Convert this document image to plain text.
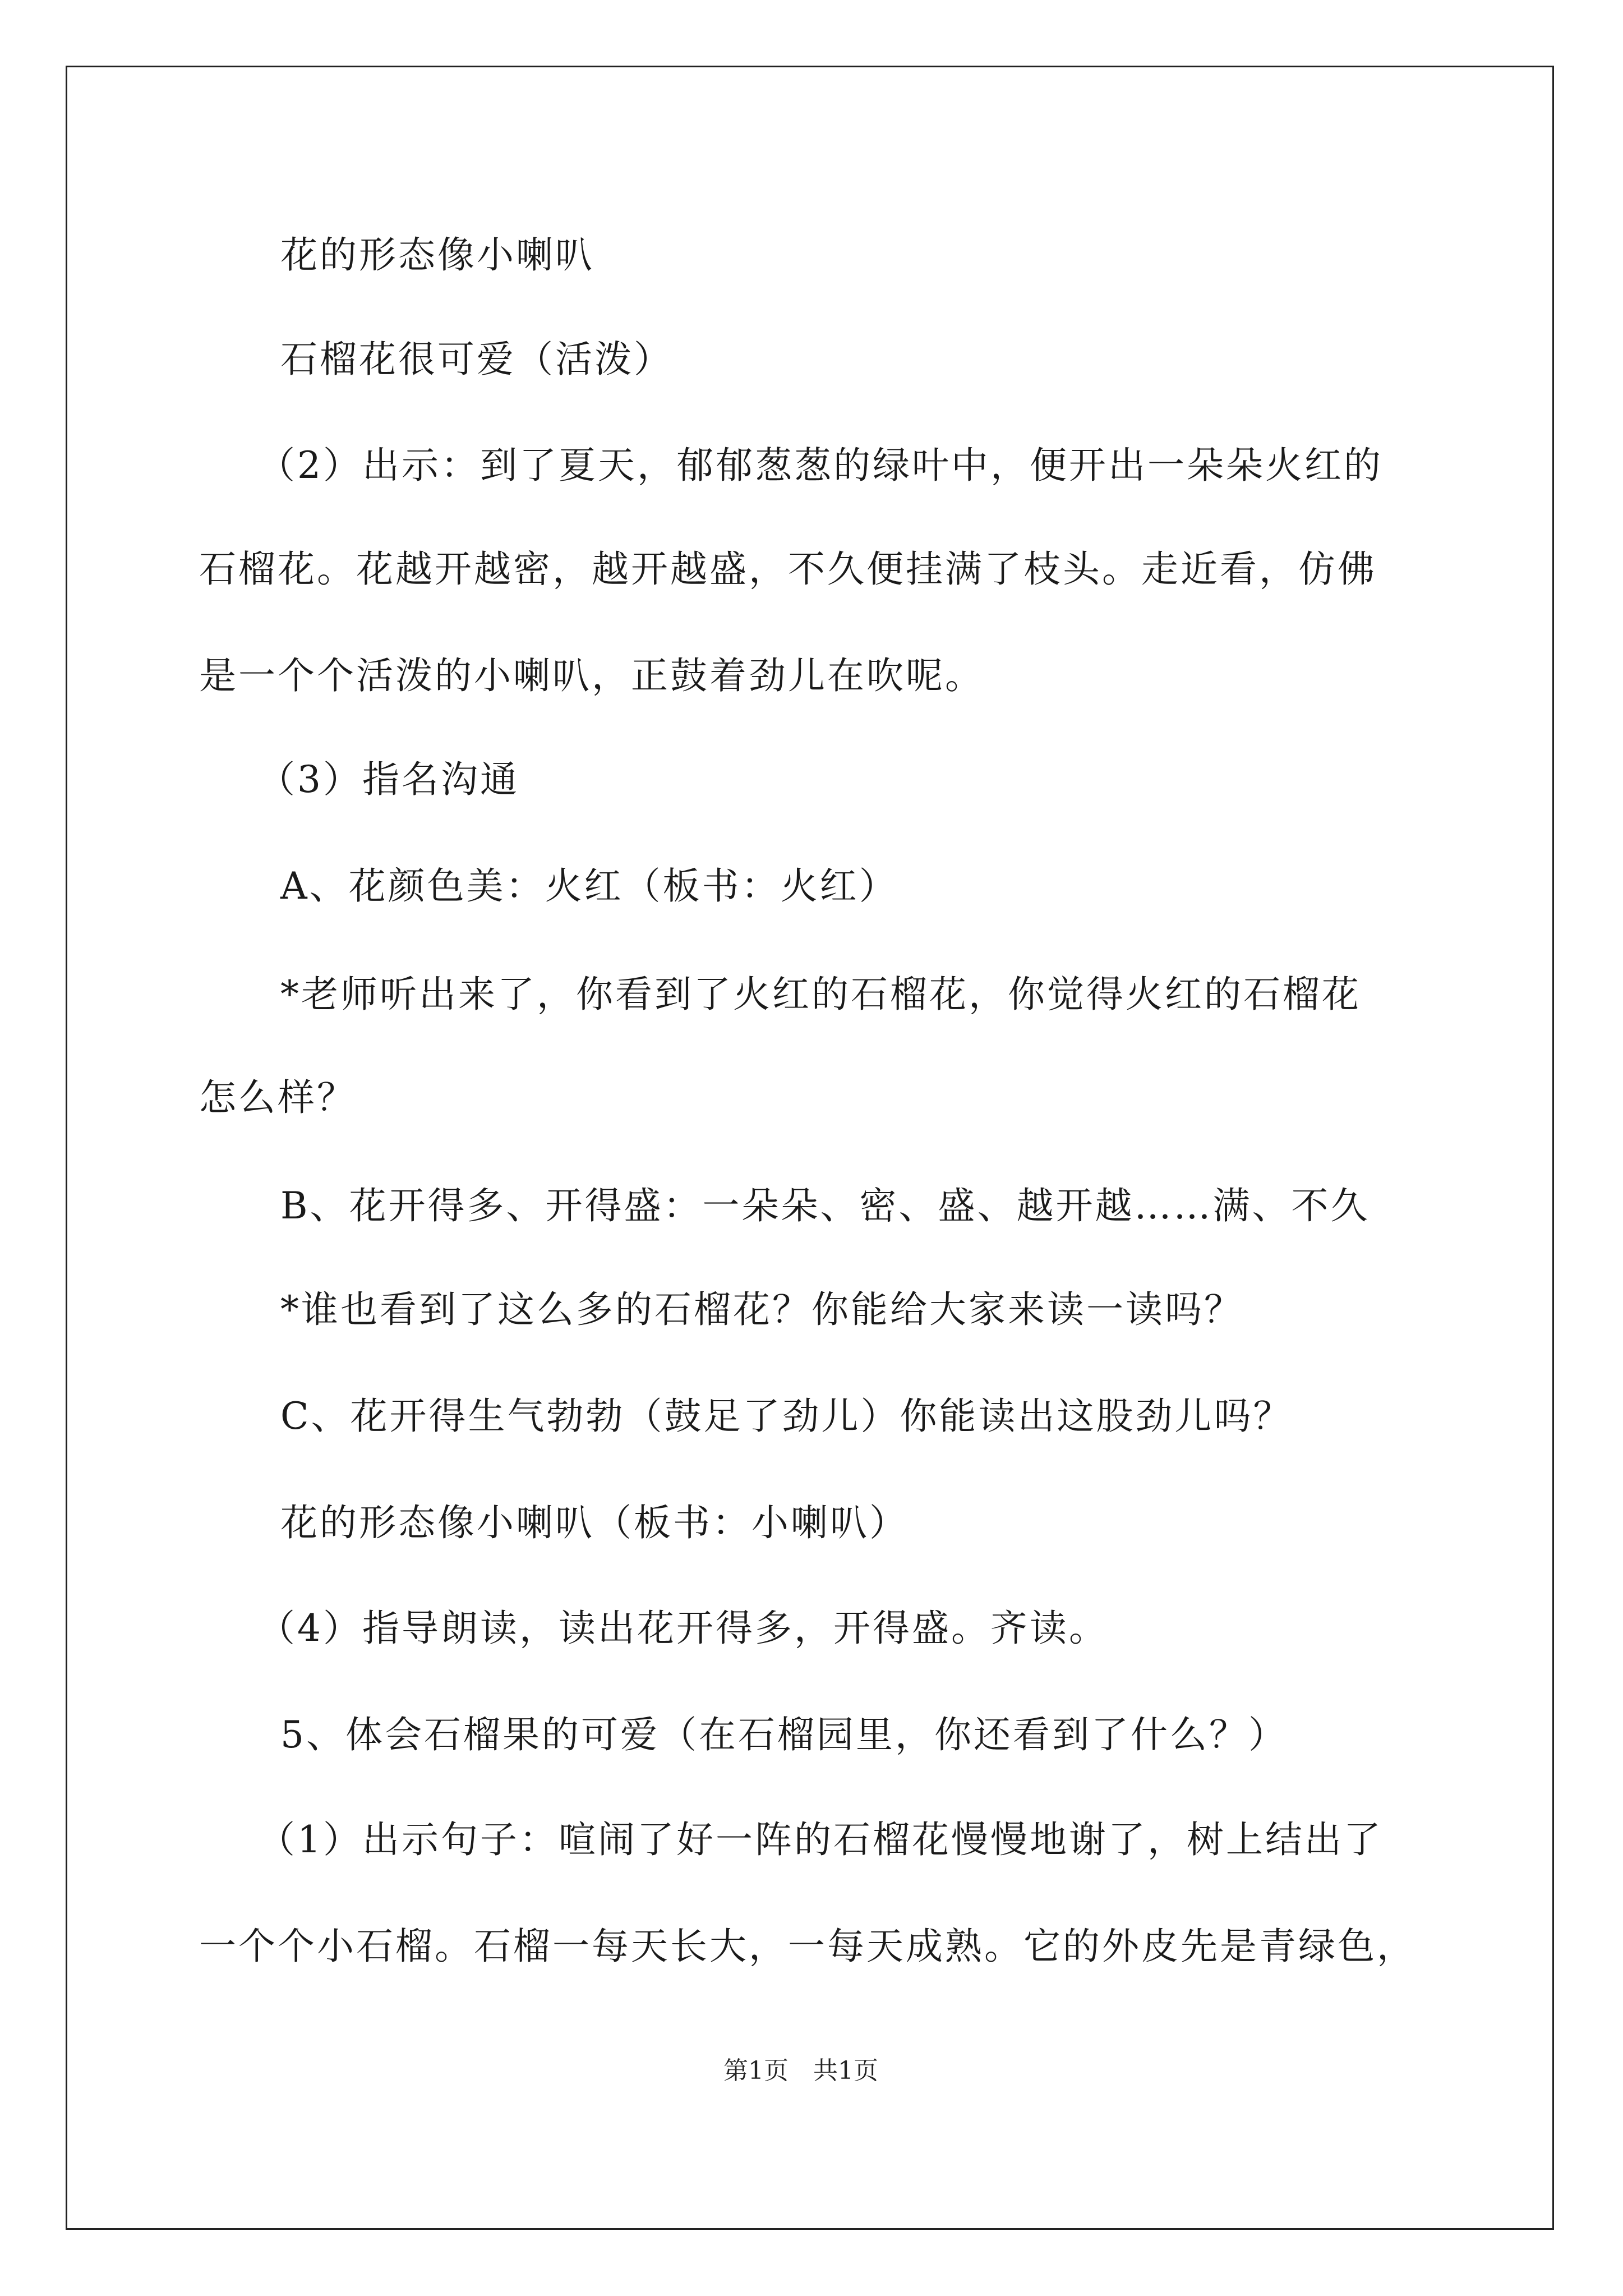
花的形态像小喇叭
石榴花很可爱（活泼）
（2）出示：到了夏天，郁郁葱葱的绿叶中，便开出一朵朵火红的
石榴花。花越开越密，越开越盛，不久便挂满了枝头。走近看，仿佛
是一个个活泼的小喇叭，正鼓着劲儿在吹呢。
（3）指名沟通
A、花颜色美：火红（板书：火红）
*老师听出来了，你看到了火红的石榴花，你觉得火红的石榴花
怎么样？
B、花开得多、开得盛：一朵朵、密、盛、越开越……满、不久
*谁也看到了这么多的石榴花？你能给大家来读一读吗？
C、花开得生气勃勃（鼓足了劲儿）你能读出这股劲儿吗？
花的形态像小喇叭（板书：小喇叭）
（4）指导朗读，读出花开得多，开得盛。齐读。
5、体会石榴果的可爱（在石榴园里，你还看到了什么？）
（1）出示句子：喧闹了好一阵的石榴花慢慢地谢了，树上结出了
一个个小石榴。石榴一每天长大，一每天成熟。它的外皮先是青绿色，
第1页　共1页
